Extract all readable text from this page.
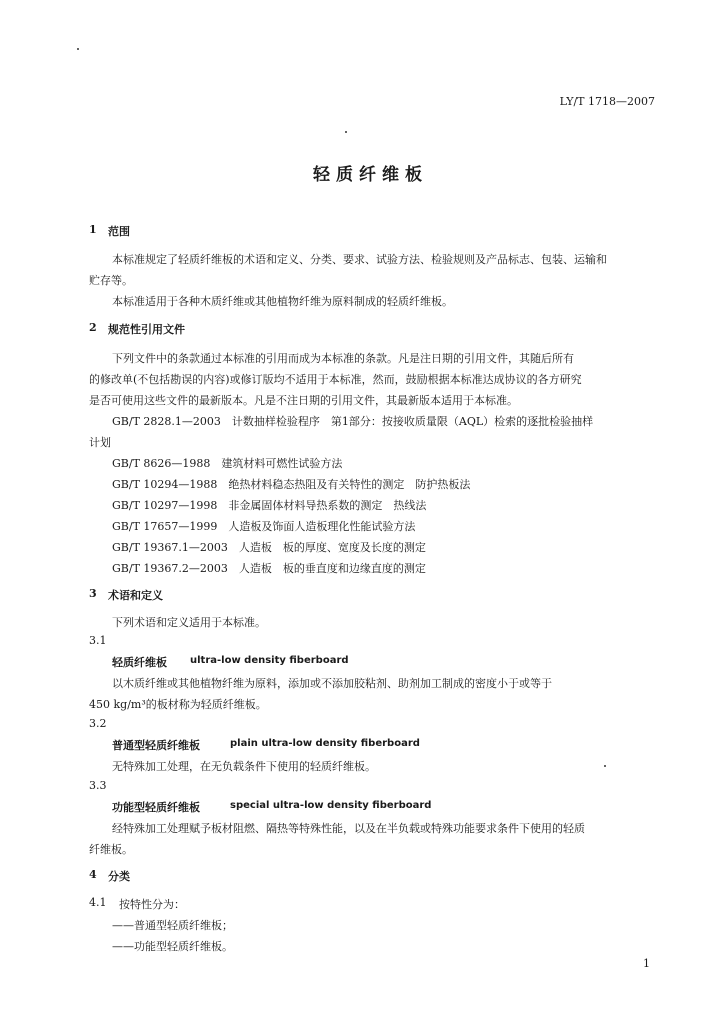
LY/T 1718—2007
轻质纤维板
1 范围
本标准规定了轻质纤维板的术语和定义、分类、要求、试验方法、检验规则及产品标志、包装、运输和
贮存等。
本标准适用于各种木质纤维或其他植物纤维为原料制成的轻质纤维板。
2 规范性引用文件
下列文件中的条款通过本标准的引用而成为本标准的条款。凡是注日期的引用文件，其随后所有
的修改单(不包括勘误的内容)或修订版均不适用于本标准，然而，鼓励根据本标准达成协议的各方研究
是否可使用这些文件的最新版本。凡是不注日期的引用文件，其最新版本适用于本标准。
GB/T 2828.1—2003　计数抽样检验程序　第1部分：按接收质量限（AQL）检索的逐批检验抽样
计划
GB/T 8626—1988　建筑材料可燃性试验方法
GB/T 10294—1988　绝热材料稳态热阻及有关特性的测定　防护热板法
GB/T 10297—1998　非金属固体材料导热系数的测定　热线法
GB/T 17657—1999　人造板及饰面人造板理化性能试验方法
GB/T 19367.1—2003　人造板　板的厚度、宽度及长度的测定
GB/T 19367.2—2003　人造板　板的垂直度和边缘直度的测定
3 术语和定义
下列术语和定义适用于本标准。
3.1
轻质纤维板 ultra-low density fiberboard
以木质纤维或其他植物纤维为原料，添加或不添加胶粘剂、助剂加工制成的密度小于或等于
450 kg/m³的板材称为轻质纤维板。
3.2
普通型轻质纤维板	plain ultra-low density fiberboard
无特殊加工处理，在无负载条件下使用的轻质纤维板。
3.3
功能型轻质纤维板	special ultra-low density fiberboard
经特殊加工处理赋予板材阻燃、隔热等特殊性能，以及在半负载或特殊功能要求条件下使用的轻质
纤维板。
4 分类
4.1 按特性分为：
——普通型轻质纤维板；
——功能型轻质纤维板。
1
